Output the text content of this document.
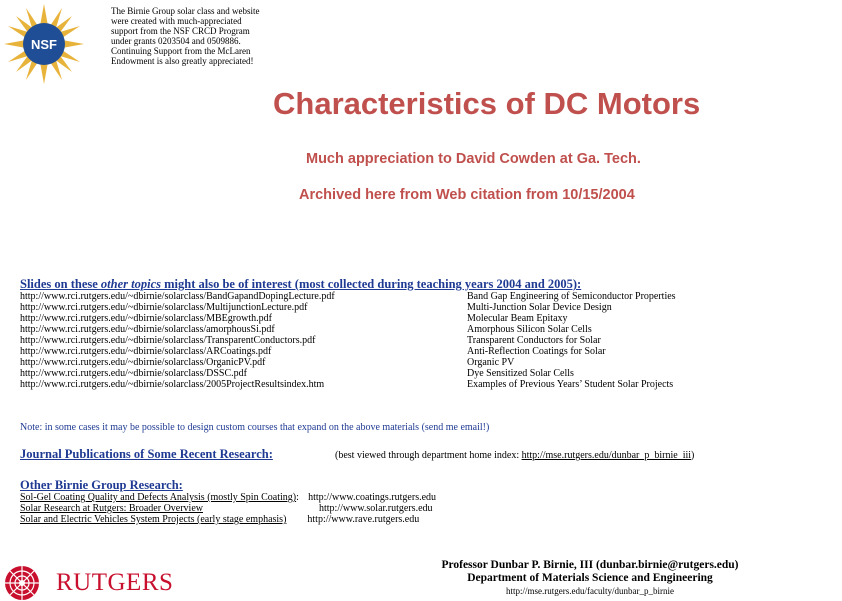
NSF
The Birnie Group solar class and website were created with much-appreciated support from the NSF CRCD Program under grants 0203504 and 0509886. Continuing Support from the McLaren Endowment is also greatly appreciated!
Characteristics of DC Motors
Much appreciation to David Cowden at Ga. Tech.
Archived here from Web citation from 10/15/2004
Slides on these other topics might also be of interest (most collected during teaching years 2004 and 2005):
http://www.rci.rutgers.edu/~dbirnie/solarclass/BandGapandDopingLecture.pdf	Band Gap Engineering of Semiconductor Properties
http://www.rci.rutgers.edu/~dbirnie/solarclass/MultijunctionLecture.pdf	Multi-Junction Solar Device Design
http://www.rci.rutgers.edu/~dbirnie/solarclass/MBEgrowth.pdf	Molecular Beam Epitaxy
http://www.rci.rutgers.edu/~dbirnie/solarclass/amorphousSi.pdf	Amorphous Silicon Solar Cells
http://www.rci.rutgers.edu/~dbirnie/solarclass/TransparentConductors.pdf	Transparent Conductors for Solar
http://www.rci.rutgers.edu/~dbirnie/solarclass/ARCoatings.pdf	Anti-Reflection Coatings for Solar
http://www.rci.rutgers.edu/~dbirnie/solarclass/OrganicPV.pdf	Organic PV
http://www.rci.rutgers.edu/~dbirnie/solarclass/DSSC.pdf	Dye Sensitized Solar Cells
http://www.rci.rutgers.edu/~dbirnie/solarclass/2005ProjectResultsindex.htm	Examples of Previous Years’ Student Solar Projects
Note: in some cases it may be possible to design custom courses that expand on the above materials (send me email!)
Journal Publications of Some Recent Research:	(best viewed through department home index: http://mse.rutgers.edu/dunbar_p_birnie_iii)
Other Birnie Group Research:
Sol-Gel Coating Quality and Defects Analysis (mostly Spin Coating) : http://www.coatings.rutgers.edu
Solar Research at Rutgers: Broader Overview	http://www.solar.rutgers.edu
Solar and Electric Vehicles System Projects (early stage emphasis) http://www.rave.rutgers.edu
RUTGERS
Professor Dunbar P. Birnie, III (dunbar.birnie@rutgers.edu)
Department of Materials Science and Engineering
http://mse.rutgers.edu/faculty/dunbar_p_birnie
